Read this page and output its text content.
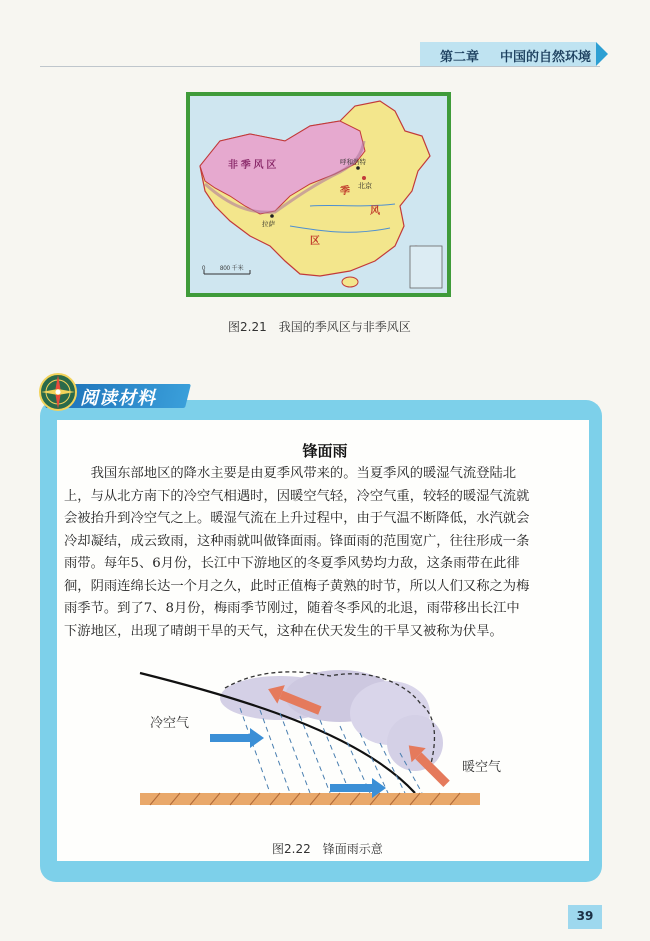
第二章 中国的自然环境
非 季 风 区
季
风
区
呼和浩特
北京
拉萨
0 800 千米
图2.21　我国的季风区与非季风区
阅读材料
锋面雨
　　我国东部地区的降水主要是由夏季风带来的。当夏季风的暖湿气流登陆北
上，与从北方南下的冷空气相遇时，因暖空气轻，冷空气重，较轻的暖湿气流就
会被抬升到冷空气之上。暖湿气流在上升过程中，由于气温不断降低，水汽就会
冷却凝结，成云致雨，这种雨就叫做锋面雨。锋面雨的范围宽广，往往形成一条
雨带。每年5、6月份，长江中下游地区的冬夏季风势均力敌，这条雨带在此徘
徊，阴雨连绵长达一个月之久，此时正值梅子黄熟的时节，所以人们又称之为梅
雨季节。到了7、8月份，梅雨季节刚过，随着冬季风的北退，雨带移出长江中
下游地区，出现了晴朗干旱的天气，这种在伏天发生的干旱又被称为伏旱。
冷空气
暖空气
图2.22　锋面雨示意
39
